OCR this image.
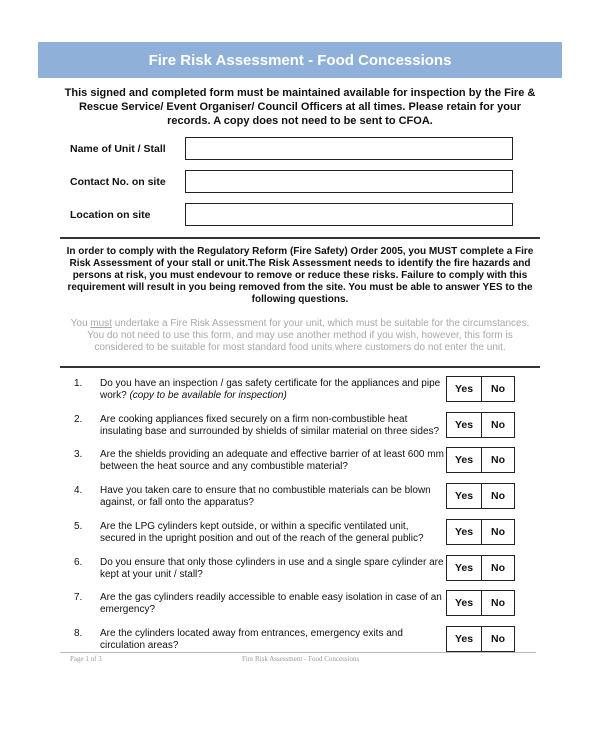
Fire Risk Assessment - Food Concessions
This signed and completed form must be maintained available for inspection by the Fire & Rescue Service/ Event Organiser/ Council Officers at all times. Please retain for your records. A copy does not need to be sent to CFOA.
Name of Unit / Stall
Contact No. on site
Location on site
In order to comply with the Regulatory Reform (Fire Safety) Order 2005, you MUST complete a Fire Risk Assessment of your stall or unit.The Risk Assessment needs to identify the fire hazards and persons at risk, you must endevour to remove or reduce these risks. Failure to comply with this requirement will result in you being removed from the site. You must be able to answer YES to the following questions.
You must undertake a Fire Risk Assessment for your unit, which must be suitable for the circumstances. You do not need to use this form, and may use another method if you wish, however, this form is considered to be suitable for most standard food units where customers do not enter the unit.
1. Do you have an inspection / gas safety certificate for the appliances and pipe work? (copy to be available for inspection)
Yes	No
2. Are cooking appliances fixed securely on a firm non-combustible heat insulating base and surrounded by shields of similar material on three sides?
Yes	No
3. Are the shields providing an adequate and effective barrier of at least 600 mm between the heat source and any combustible material?
Yes	No
4. Have you taken care to ensure that no combustible materials can be blown against, or fall onto the apparatus?
Yes	No
5. Are the LPG cylinders kept outside, or within a specific ventilated unit, secured in the upright position and out of the reach of the general public?
Yes	No
6. Do you ensure that only those cylinders in use and a single spare cylinder are kept at your unit / stall?
Yes	No
7. Are the gas cylinders readily accessible to enable easy isolation in case of an emergency?
Yes	No
8. Are the cylinders located away from entrances, emergency exits and circulation areas?
Yes	No
Page 1 of 3	Fire Risk Assessment - Food Concessions
